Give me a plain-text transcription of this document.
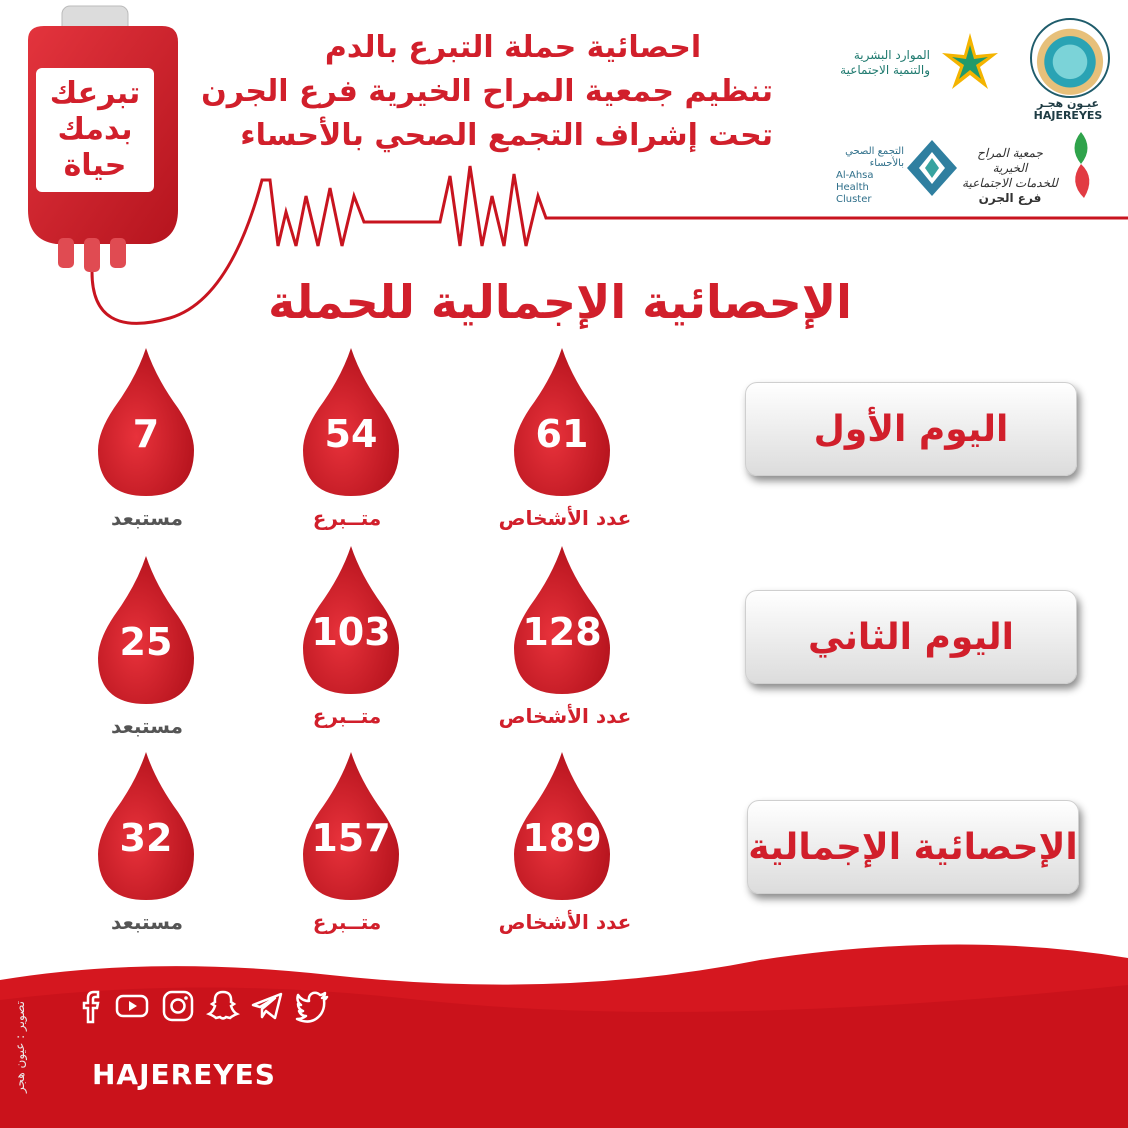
تبرعك
بدمك
حياة
احصائية حملة التبرع بالدم
تنظيم جمعية المراح الخيرية فرع الجرن
تحت إشراف التجمع الصحي بالأحساء
الموارد البشرية
والتنمية الاجتماعية
عيـون هجـر
HAJEREYES
جمعية المراح الخيرية
للخدمات الاجتماعية
فرع الجرن
التجمع الصحي
بالأحساء
Al-Ahsa
Health Cluster
الإحصائية الإجمالية للحملة
اليوم الأول
اليوم الثاني
الإحصائية الإجمالية
61
عدد الأشخاص
54
متــبرع
7
مستبعد
128
عدد الأشخاص
103
متــبرع
25
مستبعد
189
عدد الأشخاص
157
متــبرع
32
مستبعد
HAJEREYES
تصوير : عيون هجر
